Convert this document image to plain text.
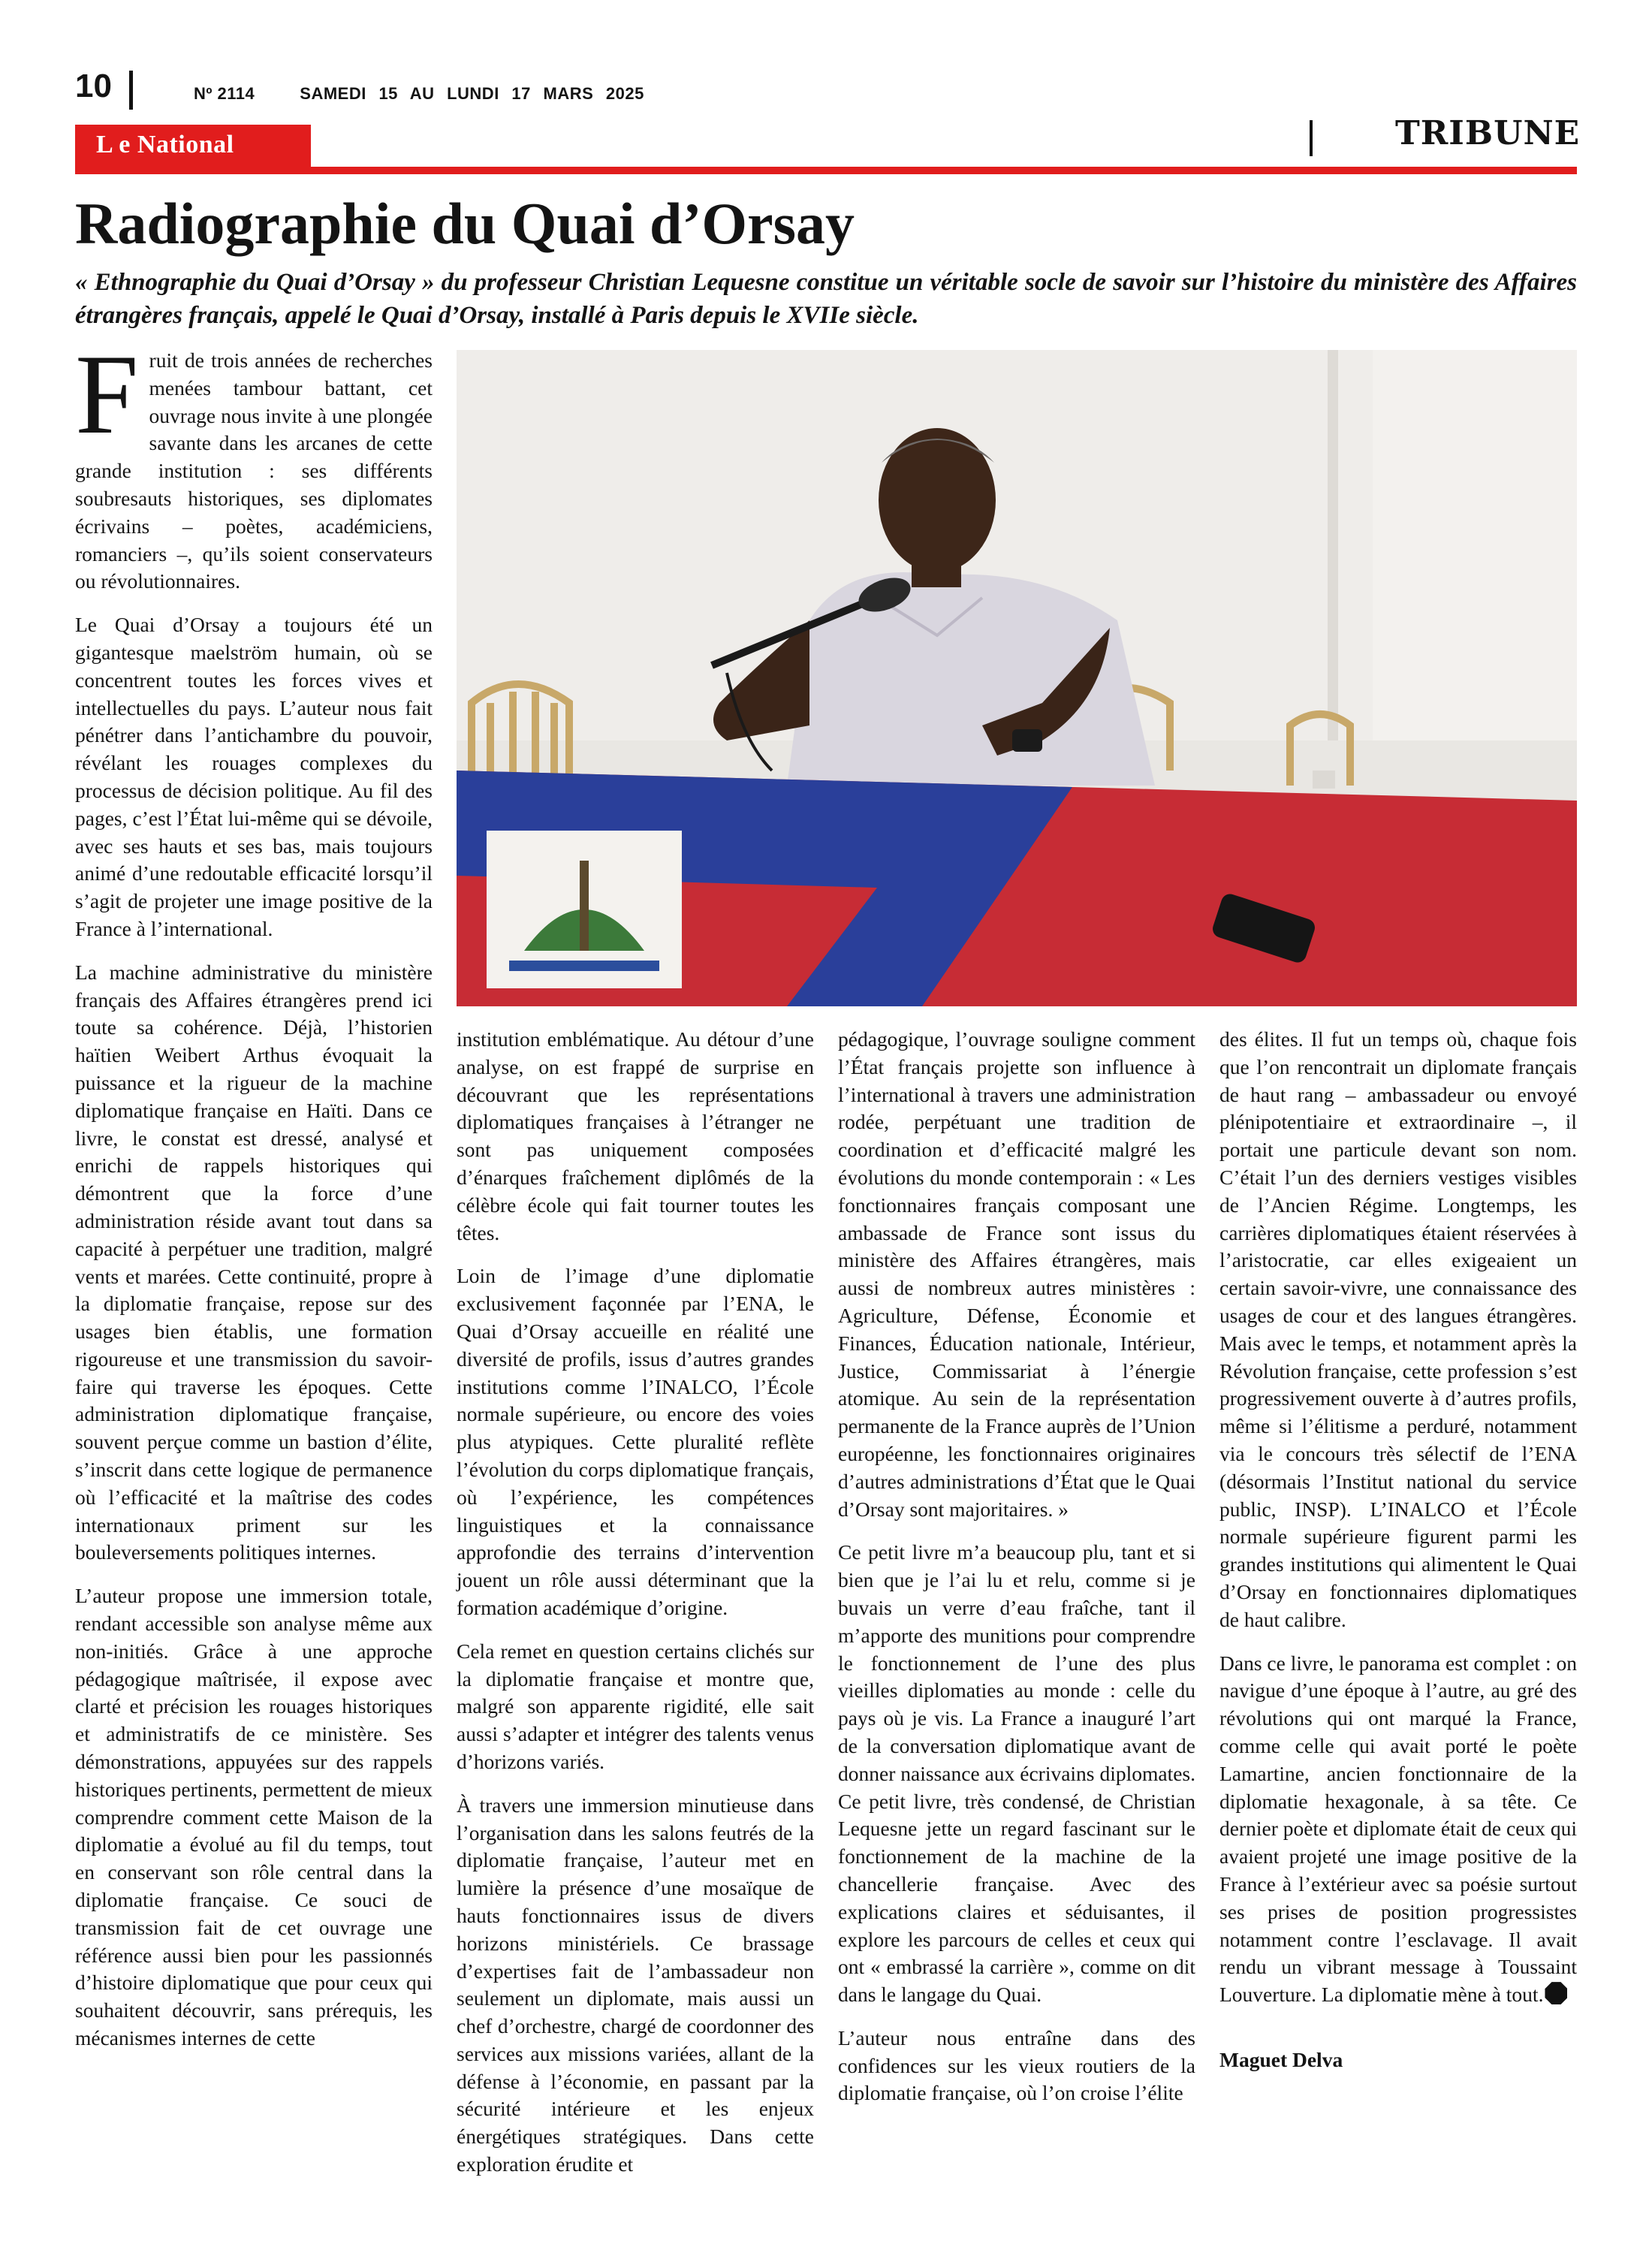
10	Nº 2114	SAMEDI 15 AU LUNDI 17 MARS 2025
L e National	TRIBUNE
Radiographie du Quai d’Orsay

« Ethnographie du Quai d’Orsay » du professeur Christian Lequesne constitue un véritable socle de savoir sur l’histoire du ministère des Affaires étrangères français, appelé le Quai d’Orsay, installé à Paris depuis le XVIIe siècle.

Fruit de trois années de recherches menées tambour battant, cet ouvrage nous invite à une plongée savante dans les arcanes de cette grande institution : ses différents soubresauts historiques, ses diplomates écrivains – poètes, académiciens, romanciers –, qu’ils soient conservateurs ou révolutionnaires.

Le Quai d’Orsay a toujours été un gigantesque maelström humain, où se concentrent toutes les forces vives et intellectuelles du pays. L’auteur nous fait pénétrer dans l’antichambre du pouvoir, révélant les rouages complexes du processus de décision politique. Au fil des pages, c’est l’État lui-même qui se dévoile, avec ses hauts et ses bas, mais toujours animé d’une redoutable efficacité lorsqu’il s’agit de projeter une image positive de la France à l’international.

La machine administrative du ministère français des Affaires étrangères prend ici toute sa cohérence. Déjà, l’historien haïtien Weibert Arthus évoquait la puissance et la rigueur de la machine diplomatique française en Haïti. Dans ce livre, le constat est dressé, analysé et enrichi de rappels historiques qui démontrent que la force d’une administration réside avant tout dans sa capacité à perpétuer une tradition, malgré vents et marées. Cette continuité, propre à la diplomatie française, repose sur des usages bien établis, une formation rigoureuse et une transmission du savoir-faire qui traverse les époques. Cette administration diplomatique française, souvent perçue comme un bastion d’élite, s’inscrit dans cette logique de permanence où l’efficacité et la maîtrise des codes internationaux priment sur les bouleversements politiques internes.

L’auteur propose une immersion totale, rendant accessible son analyse même aux non-initiés. Grâce à une approche pédagogique maîtrisée, il expose avec clarté et précision les rouages historiques et administratifs de ce ministère. Ses démonstrations, appuyées sur des rappels historiques pertinents, permettent de mieux comprendre comment cette Maison de la diplomatie a évolué au fil du temps, tout en conservant son rôle central dans la diplomatie française. Ce souci de transmission fait de cet ouvrage une référence aussi bien pour les passionnés d’histoire diplomatique que pour ceux qui souhaitent découvrir, sans prérequis, les mécanismes internes de cette

institution emblématique. Au détour d’une analyse, on est frappé de surprise en découvrant que les représentations diplomatiques françaises à l’étranger ne sont pas uniquement composées d’énarques fraîchement diplômés de la célèbre école qui fait tourner toutes les têtes.

Loin de l’image d’une diplomatie exclusivement façonnée par l’ENA, le Quai d’Orsay accueille en réalité une diversité de profils, issus d’autres grandes institutions comme l’INALCO, l’École normale supérieure, ou encore des voies plus atypiques. Cette pluralité reflète l’évolution du corps diplomatique français, où l’expérience, les compétences linguistiques et la connaissance approfondie des terrains d’intervention jouent un rôle aussi déterminant que la formation académique d’origine.

Cela remet en question certains clichés sur la diplomatie française et montre que, malgré son apparente rigidité, elle sait aussi s’adapter et intégrer des talents venus d’horizons variés.

À travers une immersion minutieuse dans l’organisation dans les salons feutrés de la diplomatie française, l’auteur met en lumière la présence d’une mosaïque de hauts fonctionnaires issus de divers horizons ministériels. Ce brassage d’expertises fait de l’ambassadeur non seulement un diplomate, mais aussi un chef d’orchestre, chargé de coordonner des services aux missions variées, allant de la défense à l’économie, en passant par la sécurité intérieure et les enjeux énergétiques stratégiques. Dans cette exploration érudite et

pédagogique, l’ouvrage souligne comment l’État français projette son influence à l’international à travers une administration rodée, perpétuant une tradition de coordination et d’efficacité malgré les évolutions du monde contemporain : « Les fonctionnaires français composant une ambassade de France sont issus du ministère des Affaires étrangères, mais aussi de nombreux autres ministères : Agriculture, Défense, Économie et Finances, Éducation nationale, Intérieur, Justice, Commissariat à l’énergie atomique. Au sein de la représentation permanente de la France auprès de l’Union européenne, les fonctionnaires originaires d’autres administrations d’État que le Quai d’Orsay sont majoritaires. »

Ce petit livre m’a beaucoup plu, tant et si bien que je l’ai lu et relu, comme si je buvais un verre d’eau fraîche, tant il m’apporte des munitions pour comprendre le fonctionnement de l’une des plus vieilles diplomaties au monde : celle du pays où je vis. La France a inauguré l’art de la conversation diplomatique avant de donner naissance aux écrivains diplomates. Ce petit livre, très condensé, de Christian Lequesne jette un regard fascinant sur le fonctionnement de la machine de la chancellerie française. Avec des explications claires et séduisantes, il explore les parcours de celles et ceux qui ont « embrassé la carrière », comme on dit dans le langage du Quai.

L’auteur nous entraîne dans des confidences sur les vieux routiers de la diplomatie française, où l’on croise l’élite

des élites. Il fut un temps où, chaque fois que l’on rencontrait un diplomate français de haut rang – ambassadeur ou envoyé plénipotentiaire et extraordinaire –, il portait une particule devant son nom. C’était l’un des derniers vestiges visibles de l’Ancien Régime. Longtemps, les carrières diplomatiques étaient réservées à l’aristocratie, car elles exigeaient un certain savoir-vivre, une connaissance des usages de cour et des langues étrangères. Mais avec le temps, et notamment après la Révolution française, cette profession s’est progressivement ouverte à d’autres profils, même si l’élitisme a perduré, notamment via le concours très sélectif de l’ENA (désormais l’Institut national du service public, INSP). L’INALCO et l’École normale supérieure figurent parmi les grandes institutions qui alimentent le Quai d’Orsay en fonctionnaires diplomatiques de haut calibre.

Dans ce livre, le panorama est complet : on navigue d’une époque à l’autre, au gré des révolutions qui ont marqué la France, comme celle qui avait porté le poète Lamartine, ancien fonctionnaire de la diplomatie hexagonale, à sa tête. Ce dernier poète et diplomate était de ceux qui avaient projeté une image positive de la France à l’extérieur avec sa poésie surtout ses prises de position progressistes notamment contre l’esclavage. Il avait rendu un vibrant message à Toussaint Louverture. La diplomatie mène à tout.

Maguet Delva
